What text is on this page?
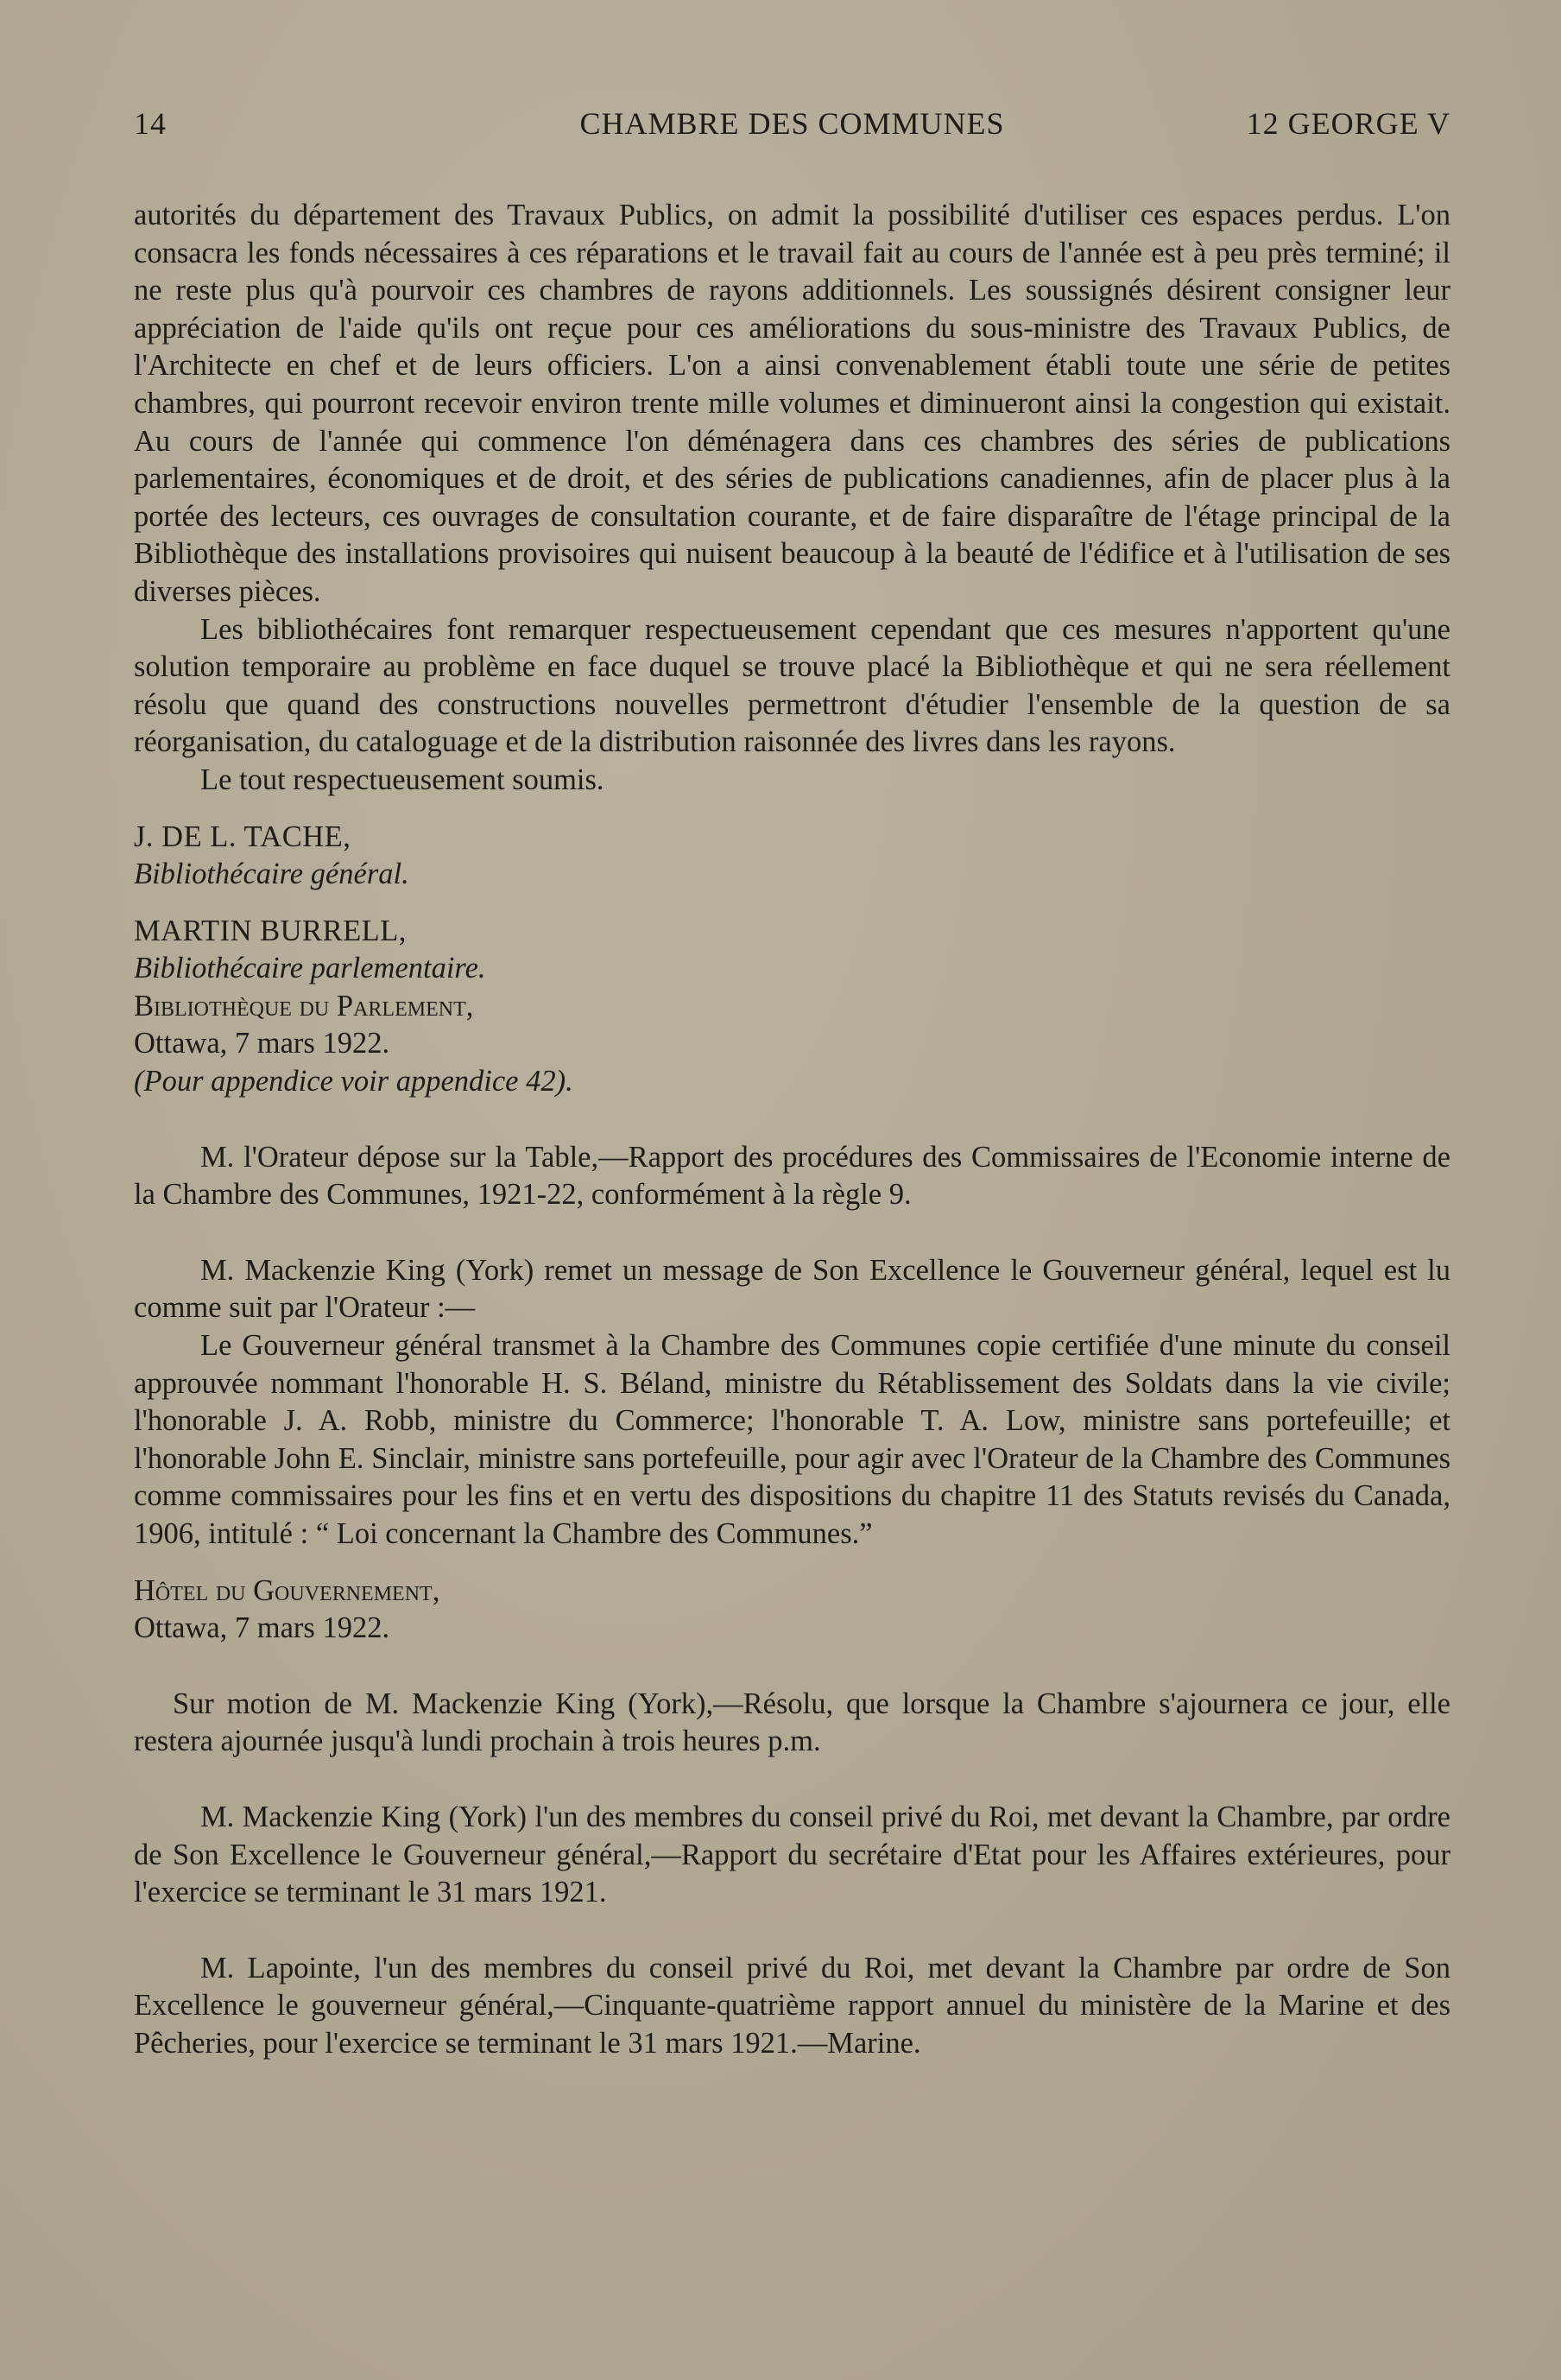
14	CHAMBRE DES COMMUNES	12 GEORGE V

autorités du département des Travaux Publics, on admit la possibilité d'utiliser ces espaces perdus. L'on consacra les fonds nécessaires à ces réparations et le travail fait au cours de l'année est à peu près terminé; il ne reste plus qu'à pourvoir ces chambres de rayons additionnels. Les soussignés désirent consigner leur appréciation de l'aide qu'ils ont reçue pour ces améliorations du sous-ministre des Travaux Publics, de l'Architecte en chef et de leurs officiers. L'on a ainsi convenablement établi toute une série de petites chambres, qui pourront recevoir environ trente mille volumes et diminueront ainsi la congestion qui existait. Au cours de l'année qui commence l'on déménagera dans ces chambres des séries de publications parlementaires, économiques et de droit, et des séries de publications canadiennes, afin de placer plus à la portée des lecteurs, ces ouvrages de consultation courante, et de faire disparaître de l'étage principal de la Bibliothèque des installations provisoires qui nuisent beaucoup à la beauté de l'édifice et à l'utilisation de ses diverses pièces.

Les bibliothécaires font remarquer respectueusement cependant que ces mesures n'apportent qu'une solution temporaire au problème en face duquel se trouve placé la Bibliothèque et qui ne sera réellement résolu que quand des constructions nouvelles permettront d'étudier l'ensemble de la question de sa réorganisation, du cataloguage et de la distribution raisonnée des livres dans les rayons.

Le tout respectueusement soumis.

J. DE L. TACHE,

Bibliothécaire général.

MARTIN BURRELL,

Bibliothécaire parlementaire.

Bibliothèque du Parlement,

Ottawa, 7 mars 1922.

(Pour appendice voir appendice 42).

M. l'Orateur dépose sur la Table,—Rapport des procédures des Commissaires de l'Economie interne de la Chambre des Communes, 1921-22, conformément à la règle 9.

M. Mackenzie King (York) remet un message de Son Excellence le Gouverneur général, lequel est lu comme suit par l'Orateur :—

Le Gouverneur général transmet à la Chambre des Communes copie certifiée d'une minute du conseil approuvée nommant l'honorable H. S. Béland, ministre du Rétablissement des Soldats dans la vie civile; l'honorable J. A. Robb, ministre du Commerce; l'honorable T. A. Low, ministre sans portefeuille; et l'honorable John E. Sinclair, ministre sans portefeuille, pour agir avec l'Orateur de la Chambre des Communes comme commissaires pour les fins et en vertu des dispositions du chapitre 11 des Statuts revisés du Canada, 1906, intitulé : “ Loi concernant la Chambre des Communes.”

Hôtel du Gouvernement,

Ottawa, 7 mars 1922.

Sur motion de M. Mackenzie King (York),—Résolu, que lorsque la Chambre s'ajournera ce jour, elle restera ajournée jusqu'à lundi prochain à trois heures p.m.

M. Mackenzie King (York) l'un des membres du conseil privé du Roi, met devant la Chambre, par ordre de Son Excellence le Gouverneur général,—Rapport du secrétaire d'Etat pour les Affaires extérieures, pour l'exercice se terminant le 31 mars 1921.

M. Lapointe, l'un des membres du conseil privé du Roi, met devant la Chambre par ordre de Son Excellence le gouverneur général,—Cinquante-quatrième rapport annuel du ministère de la Marine et des Pêcheries, pour l'exercice se terminant le 31 mars 1921.—Marine.
